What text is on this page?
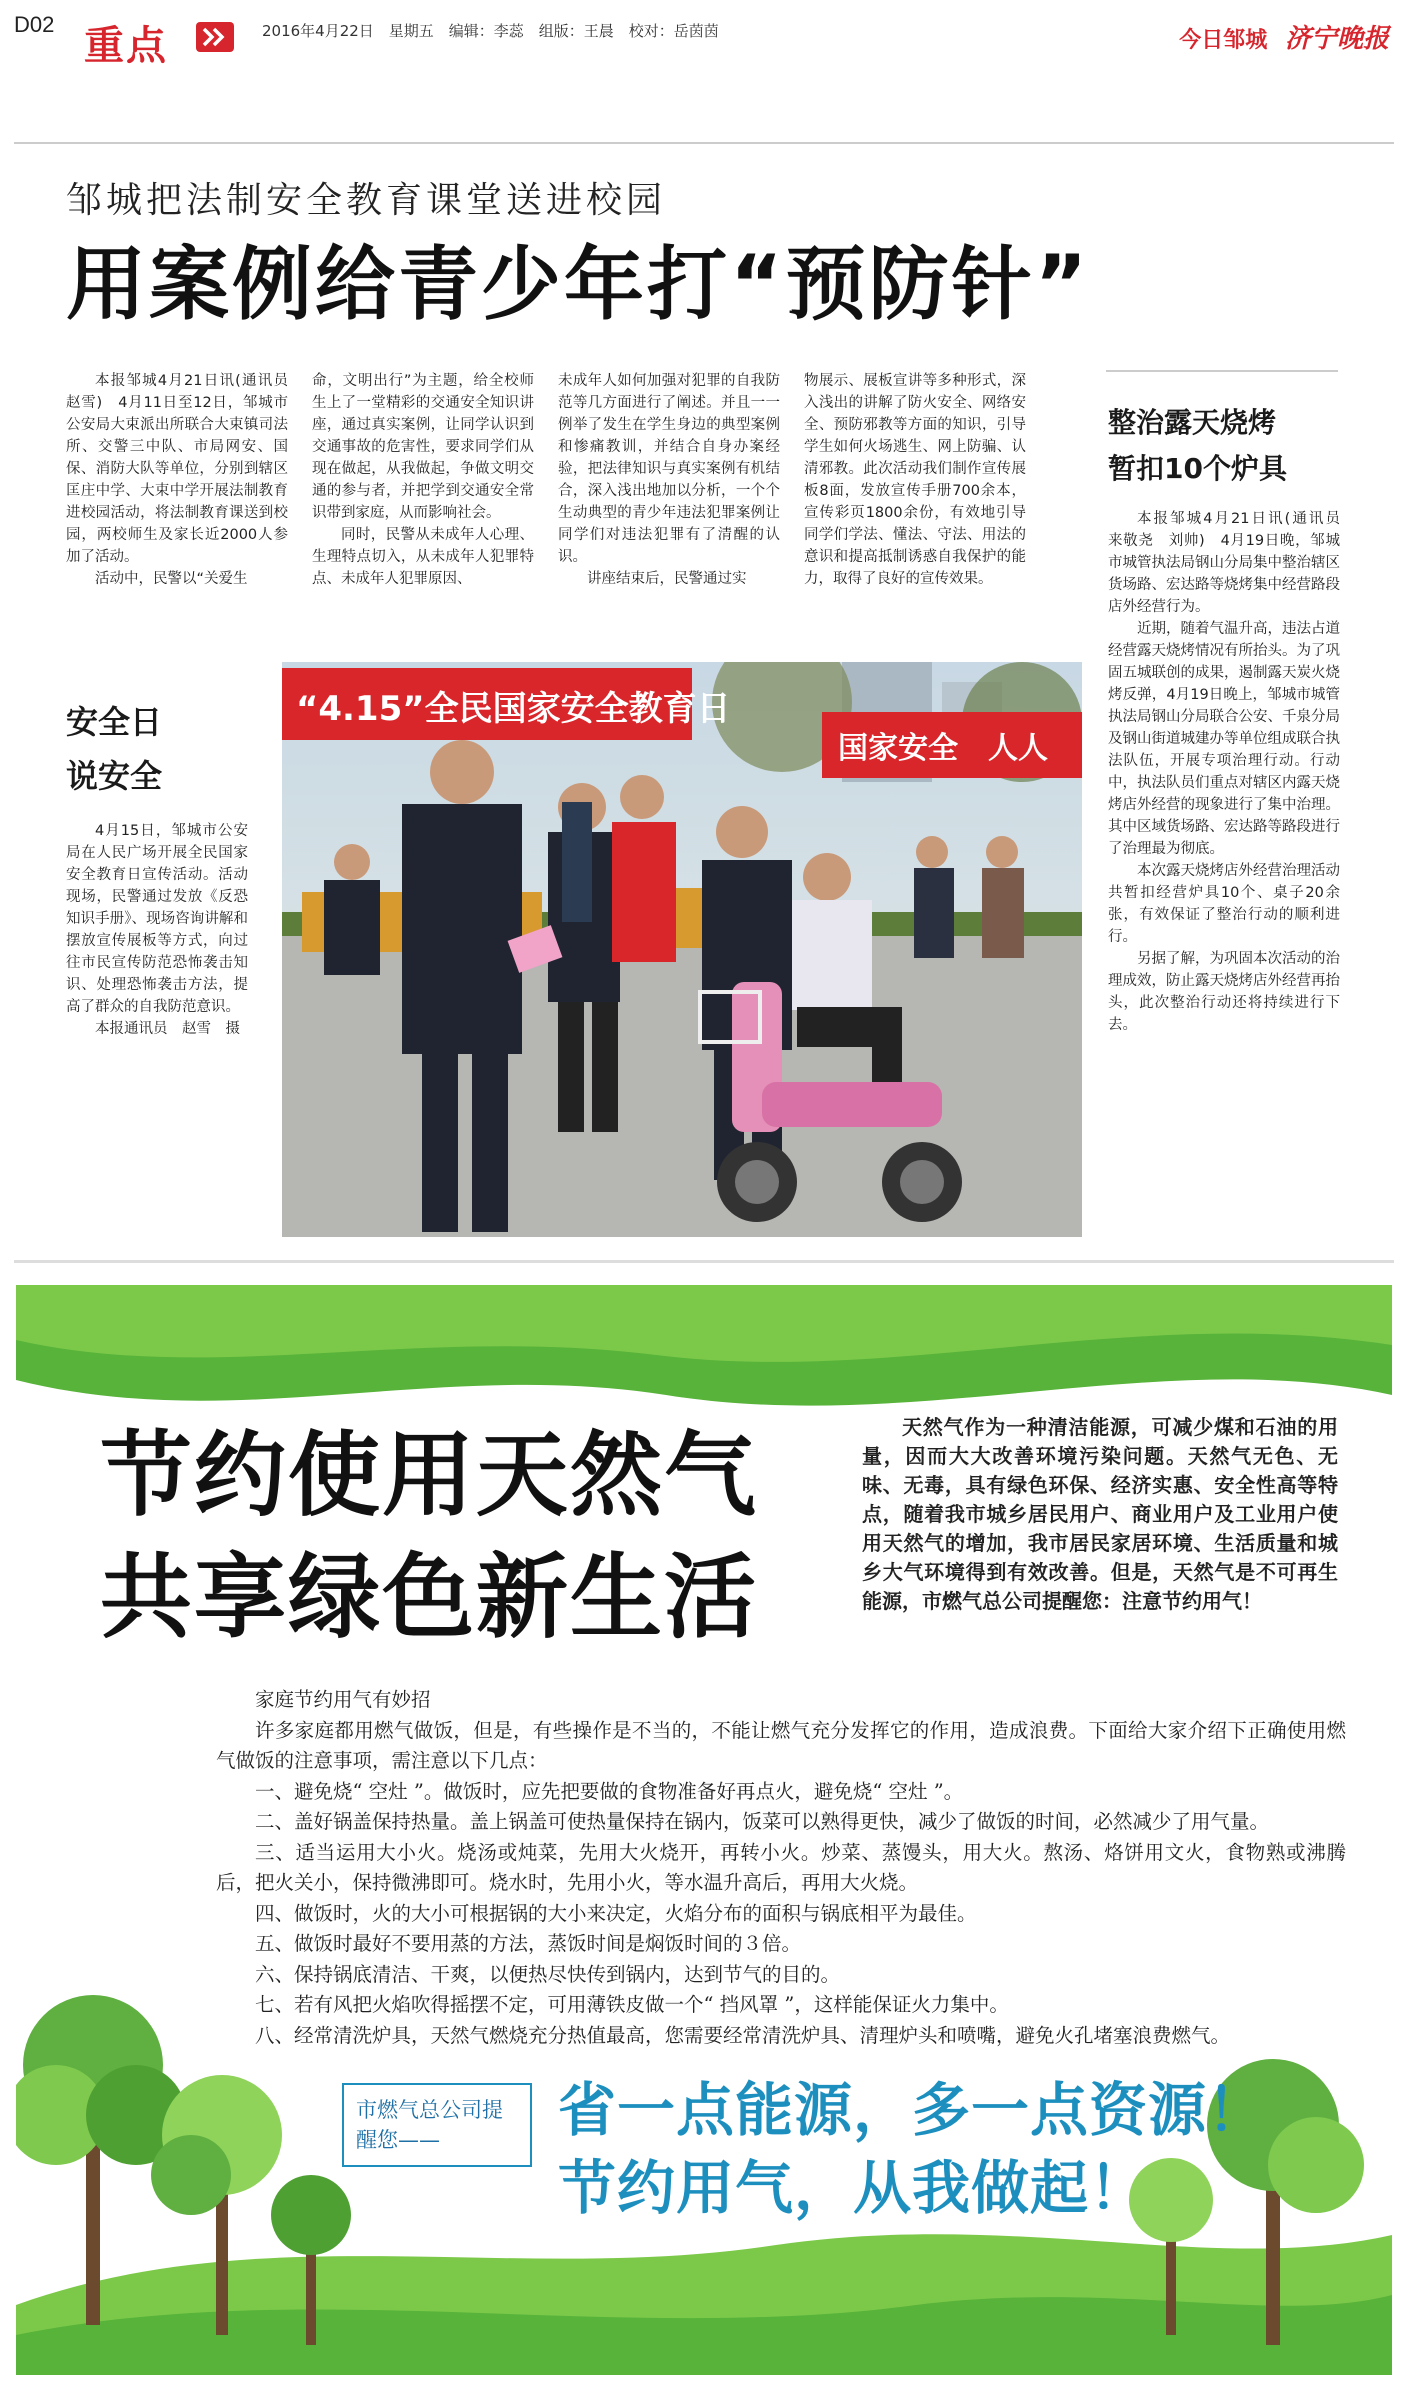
D02 重点	2016年4月22日　星期五　编辑：李蕊　组版：王晨　校对：岳茵茵	今日邹城 济宁晚报
邹城把法制安全教育课堂送进校园
用案例给青少年打“预防针”

本报邹城4月21日讯(通讯员　赵雪)　4月11日至12日，邹城市公安局大束派出所联合大束镇司法所、交警三中队、市局网安、国保、消防大队等单位，分别到辖区匡庄中学、大束中学开展法制教育进校园活动，将法制教育课送到校园，两校师生及家长近2000人参加了活动。

活动中，民警以“关爱生

命，文明出行”为主题，给全校师生上了一堂精彩的交通安全知识讲座，通过真实案例，让同学认识到交通事故的危害性，要求同学们从现在做起，从我做起，争做文明交通的参与者，并把学到交通安全常识带到家庭，从而影响社会。

同时，民警从未成年人心理、生理特点切入，从未成年人犯罪特点、未成年人犯罪原因、

未成年人如何加强对犯罪的自我防范等几方面进行了阐述。并且一一例举了发生在学生身边的典型案例和惨痛教训，并结合自身办案经验，把法律知识与真实案例有机结合，深入浅出地加以分析，一个个生动典型的青少年违法犯罪案例让同学们对违法犯罪有了清醒的认识。

讲座结束后，民警通过实

物展示、展板宣讲等多种形式，深入浅出的讲解了防火安全、网络安全、预防邪教等方面的知识，引导学生如何火场逃生、网上防骗、认清邪教。此次活动我们制作宣传展板8面，发放宣传手册700余本，宣传彩页1800余份，有效地引导同学们学法、懂法、守法、用法的意识和提高抵制诱惑自我保护的能力，取得了良好的宣传效果。

整治露天烧烤
暂扣10个炉具

本报邹城4月21日讯(通讯员　来敬尧　刘帅)　4月19日晚，邹城市城管执法局钢山分局集中整治辖区货场路、宏达路等烧烤集中经营路段店外经营行为。

近期，随着气温升高，违法占道经营露天烧烤情况有所抬头。为了巩固五城联创的成果，遏制露天炭火烧烤反弹，4月19日晚上，邹城市城管执法局钢山分局联合公安、千泉分局及钢山街道城建办等单位组成联合执法队伍，开展专项治理行动。行动中，执法队员们重点对辖区内露天烧烤店外经营的现象进行了集中治理。其中区域货场路、宏达路等路段进行了治理最为彻底。

本次露天烧烤店外经营治理活动共暂扣经营炉具10个、桌子20余张，有效保证了整治行动的顺利进行。

另据了解，为巩固本次活动的治理成效，防止露天烧烤店外经营再抬头，此次整治行动还将持续进行下去。

安全日
说安全

4月15日，邹城市公安局在人民广场开展全民国家安全教育日宣传活动。活动现场，民警通过发放《反恐知识手册》、现场咨询讲解和摆放宣传展板等方式，向过往市民宣传防范恐怖袭击知识、处理恐怖袭击方法，提高了群众的自我防范意识。

本报通讯员　赵雪　摄

“4.15”全民国家安全教育日
国家安全　人人
节约使用天然气
共享绿色新生活

天然气作为一种清洁能源，可减少煤和石油的用量，因而大大改善环境污染问题。天然气无色、无味、无毒，具有绿色环保、经济实惠、安全性高等特点，随着我市城乡居民用户、商业用户及工业用户使用天然气的增加，我市居民家居环境、生活质量和城乡大气环境得到有效改善。但是，天然气是不可再生能源，市燃气总公司提醒您：注意节约用气！

家庭节约用气有妙招

许多家庭都用燃气做饭，但是，有些操作是不当的，不能让燃气充分发挥它的作用，造成浪费。下面给大家介绍下正确使用燃气做饭的注意事项，需注意以下几点：

一、避免烧“ 空灶 ”。做饭时，应先把要做的食物准备好再点火，避免烧“ 空灶 ”。

二、盖好锅盖保持热量。盖上锅盖可使热量保持在锅内，饭菜可以熟得更快，减少了做饭的时间，必然减少了用气量。

三、适当运用大小火。烧汤或炖菜，先用大火烧开，再转小火。炒菜、蒸馒头，用大火。熬汤、烙饼用文火，食物熟或沸腾后，把火关小，保持微沸即可。烧水时，先用小火，等水温升高后，再用大火烧。

四、做饭时，火的大小可根据锅的大小来决定，火焰分布的面积与锅底相平为最佳。

五、做饭时最好不要用蒸的方法，蒸饭时间是焖饭时间的３倍。

六、保持锅底清洁、干爽，以便热尽快传到锅内，达到节气的目的。

七、若有风把火焰吹得摇摆不定，可用薄铁皮做一个“ 挡风罩 ”，这样能保证火力集中。

八、经常清洗炉具，天然气燃烧充分热值最高，您需要经常清洗炉具、清理炉头和喷嘴，避免火孔堵塞浪费燃气。

市燃气总公司提醒您——	省一点能源，多一点资源！
节约用气，从我做起！
